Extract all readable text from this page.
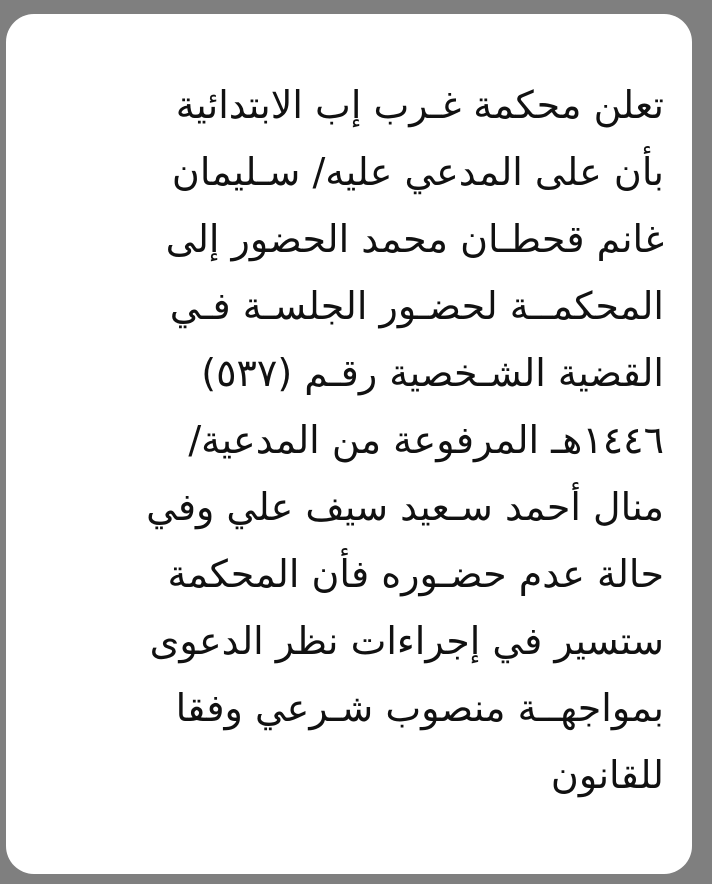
تعلن محكمة غـرب إب الابتدائية
بأن على المدعي عليه/ سـليمان
غانم قحطـان محمد الحضور إلى
المحكمــة لحضـور الجلسـة فـي
القضية الشـخصية رقـم (٥٣٧)
١٤٤٦هـ المرفوعة من المدعية/
منال أحمد سـعيد سيف علي وفي
حالة عدم حضـوره فأن المحكمة
ستسير في إجراءات نظر الدعوى
بمواجهــة منصوب شـرعي وفقا
للقانون
